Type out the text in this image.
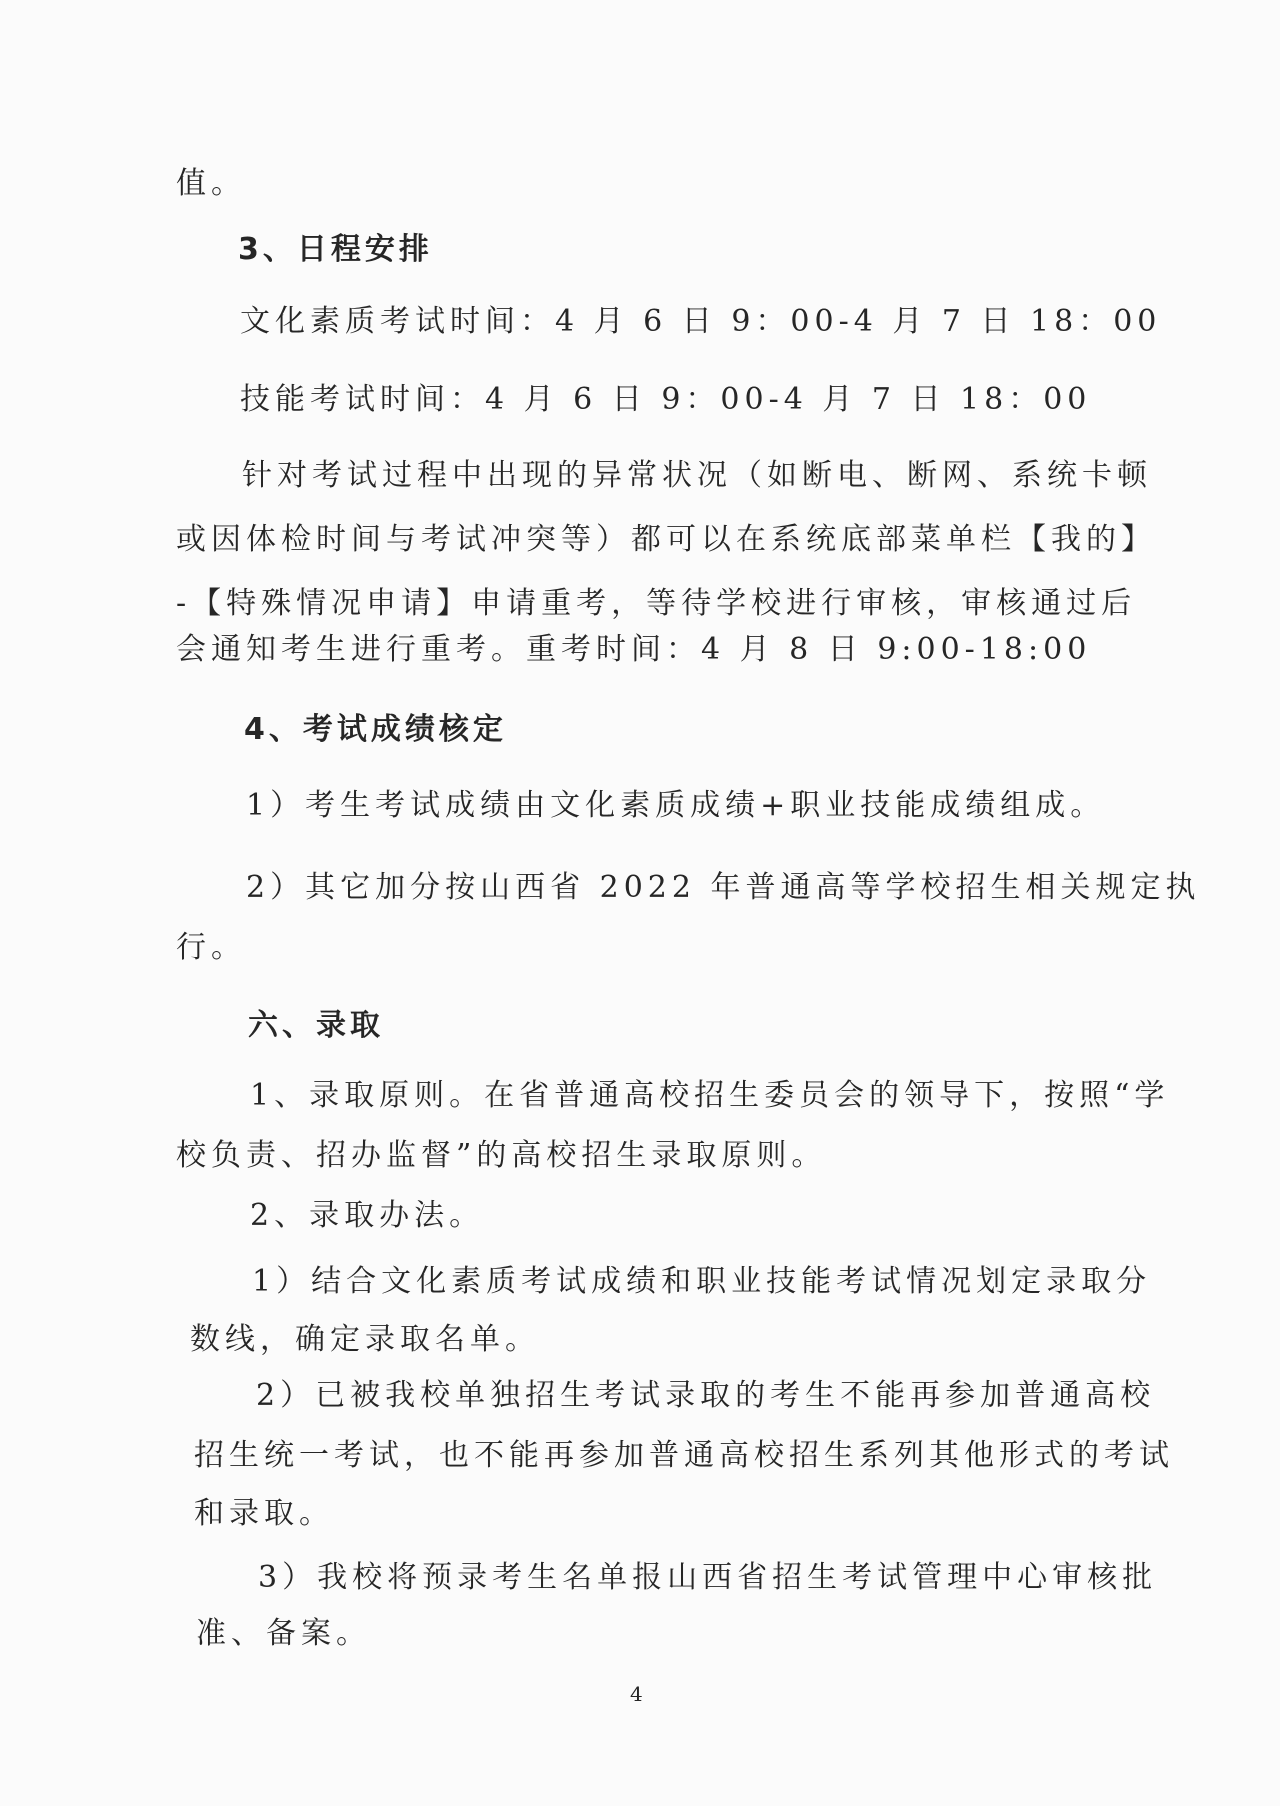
值。
3、日程安排
文化素质考试时间：4 月 6 日 9：00-4 月 7 日 18：00
技能考试时间：4 月 6 日 9：00-4 月 7 日 18：00
针对考试过程中出现的异常状况（如断电、断网、系统卡顿
或因体检时间与考试冲突等）都可以在系统底部菜单栏【我的】
-【特殊情况申请】申请重考，等待学校进行审核，审核通过后
会通知考生进行重考。重考时间：4 月 8 日 9:00-18:00
4、考试成绩核定
1）考生考试成绩由文化素质成绩+职业技能成绩组成。
2）其它加分按山西省 2022 年普通高等学校招生相关规定执
行。
六、录取
1、录取原则。在省普通高校招生委员会的领导下，按照“学
校负责、招办监督”的高校招生录取原则。
2、录取办法。
1）结合文化素质考试成绩和职业技能考试情况划定录取分
数线，确定录取名单。
2）已被我校单独招生考试录取的考生不能再参加普通高校
招生统一考试，也不能再参加普通高校招生系列其他形式的考试
和录取。
3）我校将预录考生名单报山西省招生考试管理中心审核批
准、备案。
4
